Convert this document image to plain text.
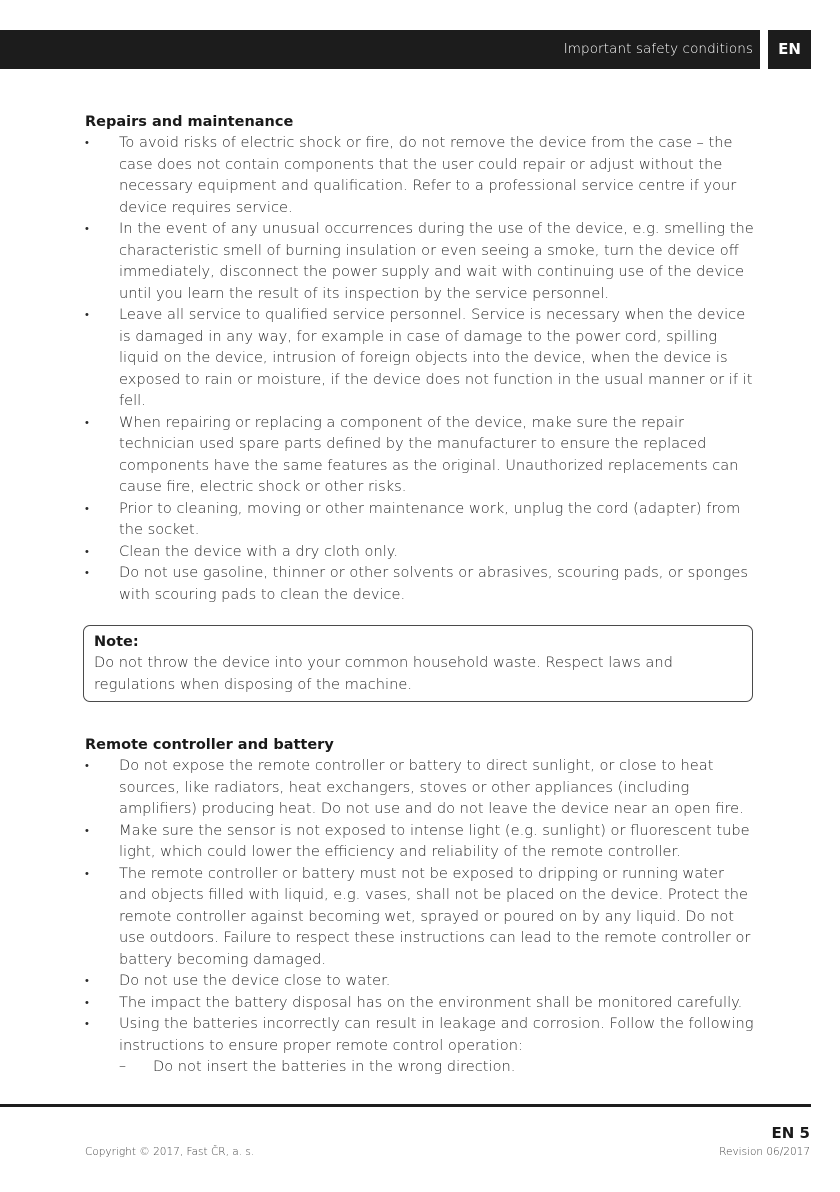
Important safety conditions	EN
Repairs and maintenance
• To avoid risks of electric shock or fire, do not remove the device from the case – the case does not contain components that the user could repair or adjust without the necessary equipment and qualification. Refer to a professional service centre if your device requires service.
• In the event of any unusual occurrences during the use of the device, e.g. smelling the characteristic smell of burning insulation or even seeing a smoke, turn the device off immediately, disconnect the power supply and wait with continuing use of the device until you learn the result of its inspection by the service personnel.
• Leave all service to qualified service personnel. Service is necessary when the device is damaged in any way, for example in case of damage to the power cord, spilling liquid on the device, intrusion of foreign objects into the device, when the device is exposed to rain or moisture, if the device does not function in the usual manner or if it fell.
• When repairing or replacing a component of the device, make sure the repair technician used spare parts defined by the manufacturer to ensure the replaced components have the same features as the original. Unauthorized replacements can cause fire, electric shock or other risks.
• Prior to cleaning, moving or other maintenance work, unplug the cord (adapter) from the socket.
• Clean the device with a dry cloth only.
• Do not use gasoline, thinner or other solvents or abrasives, scouring pads, or sponges with scouring pads to clean the device.
Note:
Do not throw the device into your common household waste. Respect laws and regulations when disposing of the machine.
Remote controller and battery
• Do not expose the remote controller or battery to direct sunlight, or close to heat sources, like radiators, heat exchangers, stoves or other appliances (including amplifiers) producing heat. Do not use and do not leave the device near an open fire.
• Make sure the sensor is not exposed to intense light (e.g. sunlight) or fluorescent tube light, which could lower the efficiency and reliability of the remote controller.
• The remote controller or battery must not be exposed to dripping or running water and objects filled with liquid, e.g. vases, shall not be placed on the device. Protect the remote controller against becoming wet, sprayed or poured on by any liquid. Do not use outdoors. Failure to respect these instructions can lead to the remote controller or battery becoming damaged.
• Do not use the device close to water.
• The impact the battery disposal has on the environment shall be monitored carefully.
• Using the batteries incorrectly can result in leakage and corrosion. Follow the following instructions to ensure proper remote control operation:
– Do not insert the batteries in the wrong direction.
EN 5
Copyright © 2017, Fast ČR, a. s.	Revision 06/2017
